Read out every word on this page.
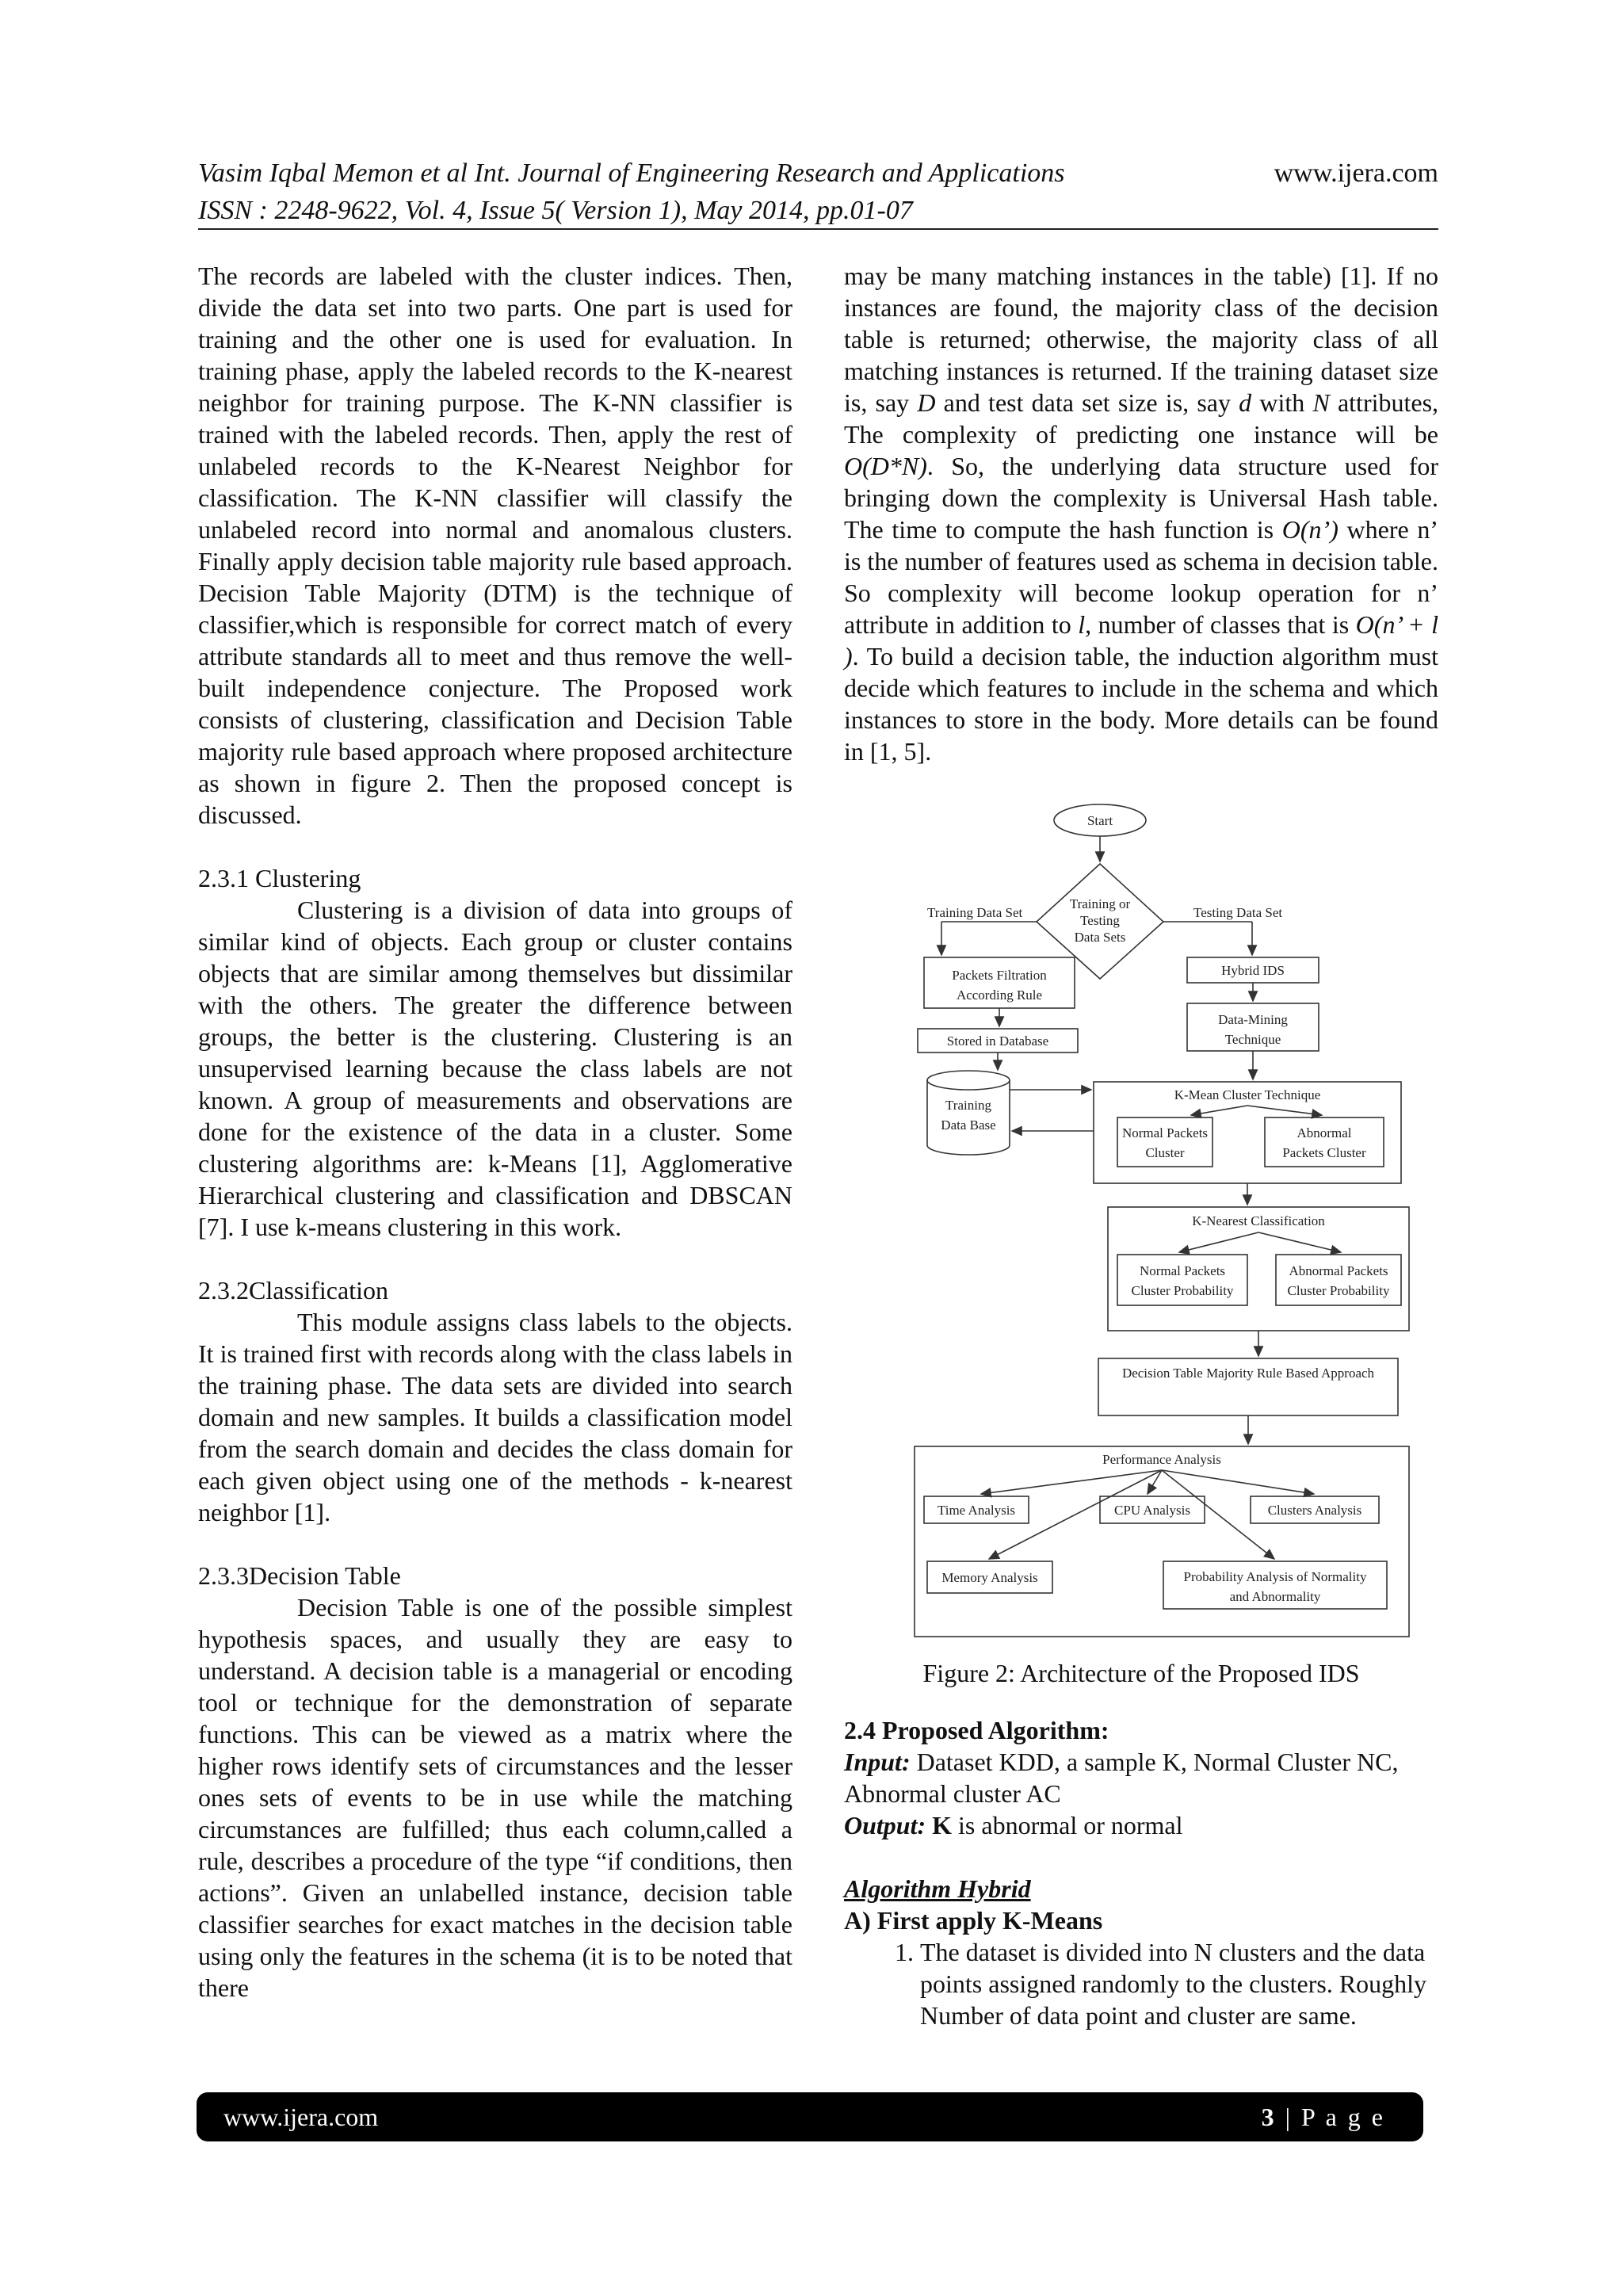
Vasim Iqbal Memon et al Int. Journal of Engineering Research and Applications
ISSN : 2248-9622, Vol. 4, Issue 5( Version 1), May 2014, pp.01-07
www.ijera.com

The records are labeled with the cluster indices. Then, divide the data set into two parts. One part is used for training and the other one is used for evaluation. In training phase, apply the labeled records to the K-nearest neighbor for training purpose. The K-NN classifier is trained with the labeled records. Then, apply the rest of unlabeled records to the K-Nearest Neighbor for classification. The K-NN classifier will classify the unlabeled record into normal and anomalous clusters. Finally apply decision table majority rule based approach. Decision Table Majority (DTM) is the technique of classifier,which is responsible for correct match of every attribute standards all to meet and thus remove the well-built independence conjecture. The Proposed work consists of clustering, classification and Decision Table majority rule based approach where proposed architecture as shown in figure 2. Then the proposed concept is discussed.

2.3.1 Clustering

Clustering is a division of data into groups of similar kind of objects. Each group or cluster contains objects that are similar among themselves but dissimilar with the others. The greater the difference between groups, the better is the clustering. Clustering is an unsupervised learning because the class labels are not known. A group of measurements and observations are done for the existence of the data in a cluster. Some clustering algorithms are: k-Means [1], Agglomerative Hierarchical clustering and classification and DBSCAN [7]. I use k-means clustering in this work.

2.3.2Classification

This module assigns class labels to the objects. It is trained first with records along with the class labels in the training phase. The data sets are divided into search domain and new samples. It builds a classification model from the search domain and decides the class domain for each given object using one of the methods - k-nearest neighbor [1].

2.3.3Decision Table

Decision Table is one of the possible simplest hypothesis spaces, and usually they are easy to understand. A decision table is a managerial or encoding tool or technique for the demonstration of separate functions. This can be viewed as a matrix where the higher rows identify sets of circumstances and the lesser ones sets of events to be in use while the matching circumstances are fulfilled; thus each column,called a rule, describes a procedure of the type “if conditions, then actions”. Given an unlabelled instance, decision table classifier searches for exact matches in the decision table using only the features in the schema (it is to be noted that there

may be many matching instances in the table) [1]. If no instances are found, the majority class of the decision table is returned; otherwise, the majority class of all matching instances is returned. If the training dataset size is, say D and test data set size is, say d with N attributes, The complexity of predicting one instance will be O(D*N). So, the underlying data structure used for bringing down the complexity is Universal Hash table. The time to compute the hash function is O(n’) where n’ is the number of features used as schema in decision table. So complexity will become lookup operation for n’ attribute in addition to l, number of classes that is O(n’ + l ). To build a decision table, the induction algorithm must decide which features to include in the schema and which instances to store in the body. More details can be found in [1, 5].

Start
Training or
Testing
Data Sets
Training Data Set	Testing Data Set
Packets Filtration
According Rule
Stored in Database
Training
Data Base
Hybrid IDS
Data-Mining
Technique
K-Mean Cluster Technique
Normal Packets
Cluster
Abnormal
Packets Cluster
K-Nearest Classification
Normal Packets
Cluster Probability
Abnormal Packets
Cluster Probability
Decision Table Majority Rule Based Approach
Performance Analysis
Time Analysis	CPU Analysis	Clusters Analysis
Memory Analysis	Probability Analysis of Normality
and Abnormality
Figure 2: Architecture of the Proposed IDS

2.4 Proposed Algorithm:

Input: Dataset KDD, a sample K, Normal Cluster NC, Abnormal cluster AC

Output: K is abnormal or normal

Algorithm Hybrid

A) First apply K-Means

1. The dataset is divided into N clusters and the data points assigned randomly to the clusters. Roughly Number of data point and cluster are same.
www.ijera.com	3 | P a g e
